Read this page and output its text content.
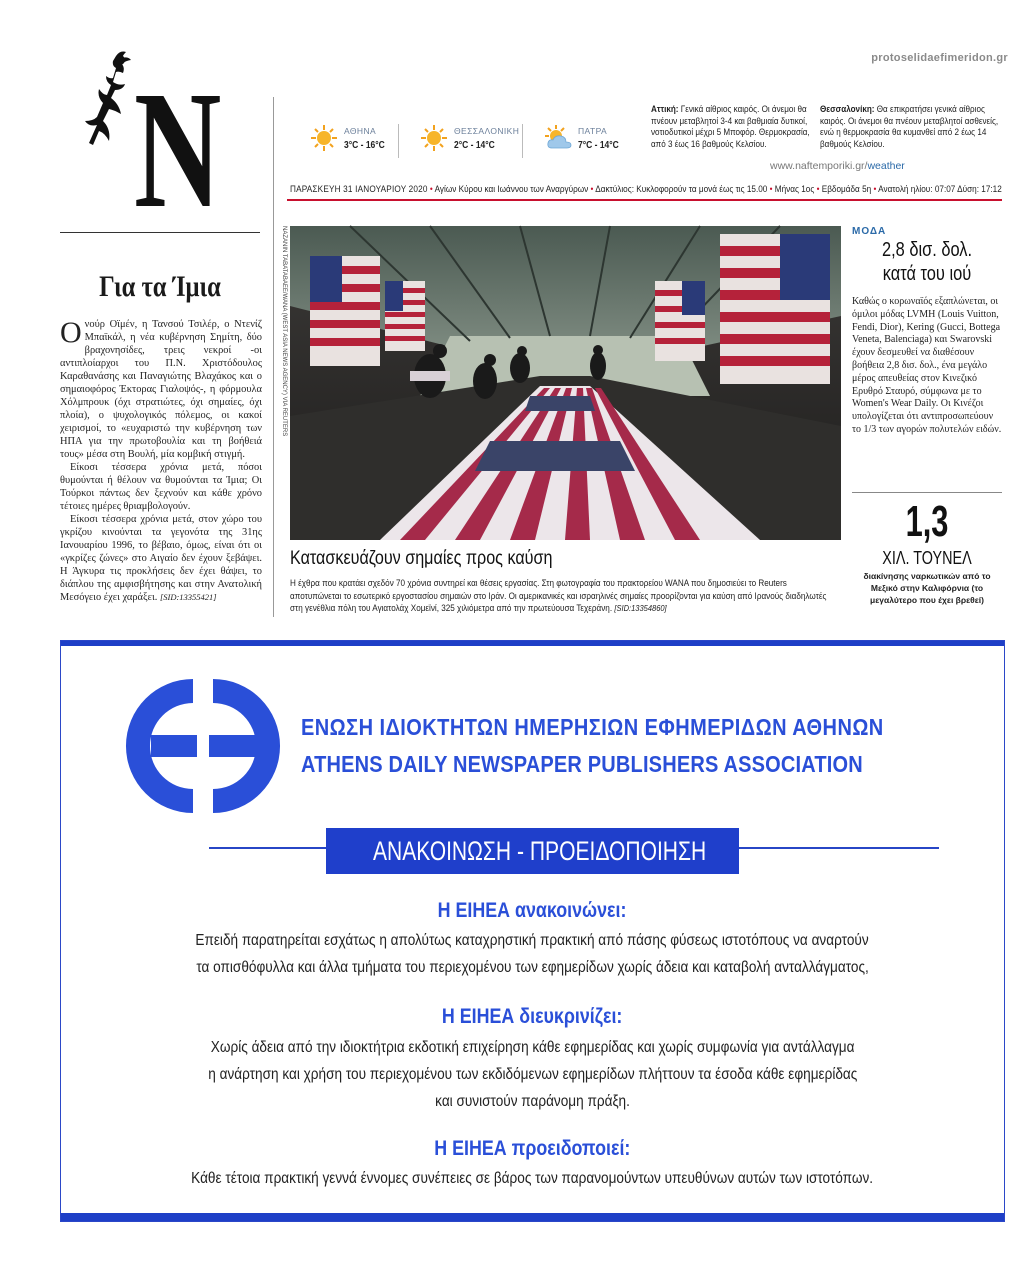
protoselidaefimeridon.gr
N
Για τα Ίμια

Ονούρ Οϊμέν, η Τανσού Τσιλέρ, ο Ντενίζ Μπαϊκάλ, η νέα κυβέρνηση Σημίτη, δύο βραχονησίδες, τρεις νεκροί -οι αντιπλοίαρχοι του Π.Ν. Χριστόδουλος Καραθανάσης και Παναγιώτης Βλαχάκος και ο σημαιοφόρος Έκτορας Γιαλοψός-, η φόρμουλα Χόλμπρουκ (όχι στρατιώτες, όχι σημαίες, όχι πλοία), ο ψυχολογικός πόλεμος, οι κακοί χειρισμοί, το «ευχαριστώ την κυβέρνηση των ΗΠΑ για την πρωτοβουλία και τη βοήθειά τους» μέσα στη Βουλή, μία κομβική στιγμή.

Είκοσι τέσσερα χρόνια μετά, πόσοι θυμούνται ή θέλουν να θυμούνται τα Ίμια; Οι Τούρκοι πάντως δεν ξεχνούν και κάθε χρόνο τέτοιες ημέρες θριαμβολογούν.

Είκοσι τέσσερα χρόνια μετά, στον χώρο του γκρίζου κινούνται τα γεγονότα της 31ης Ιανουαρίου 1996, το βέβαιο, όμως, είναι ότι οι «γκρίζες ζώνες» στο Αιγαίο δεν έχουν ξεβάψει. Η Άγκυρα τις προκλήσεις δεν έχει θάψει, το διάπλου της αμφισβήτησης και στην Ανατολική Μεσόγειο έχει χαράξει. [SID:13355421]

ΑΘΗΝΑ
3°C - 16°C
ΘΕΣΣΑΛΟΝΙΚΗ
2°C - 14°C
ΠΑΤΡΑ
7°C - 14°C
Αττική: Γενικά αίθριος καιρός. Οι άνεμοι θα πνέουν μεταβλητοί 3-4 και βαθμιαία δυτικοί, νοτιοδυτικοί μέχρι 5 Μποφόρ. Θερμοκρασία, από 3 έως 16 βαθμούς Κελσίου.
Θεσσαλονίκη: Θα επικρατήσει γενικά αίθριος καιρός. Οι άνεμοι θα πνέουν μεταβλητοί ασθενείς, ενώ η θερμοκρασία θα κυμανθεί από 2 έως 14 βαθμούς Κελσίου.
www.naftemporiki.gr/weather
ΠΑΡΑΣΚΕΥΗ 31 ΙΑΝΟΥΑΡΙΟΥ 2020 • Αγίων Κύρου και Ιωάννου των Αναργύρων • Δακτύλιος: Κυκλοφορούν τα μονά έως τις 15.00 • Μήνας 1ος • Εβδομάδα 5η • Ανατολή ηλίου: 07:07 Δύση: 17:12
NAZANIN TABATABAEE/WANA (WEST ASIA NEWS AGENCY) VIA REUTERS
Κατασκευάζουν σημαίες προς καύση
Η έχθρα που κρατάει σχεδόν 70 χρόνια συντηρεί και θέσεις εργασίας. Στη φωτογραφία του πρακτορείου WANA που δημοσιεύει το Reuters αποτυπώνεται το εσωτερικό εργοστασίου σημαιών στο Ιράν. Οι αμερικανικές και ισραηλινές σημαίες προορίζονται για καύση από Ιρανούς διαδηλωτές στη γενέθλια πόλη του Αγιατολάχ Χομεϊνί, 325 χιλιόμετρα από την πρωτεύουσα Τεχεράνη. [SID:13354860]
ΜΟΔΑ
2,8 δισ. δολ.
κατά του ιού
Καθώς ο κορωναϊός εξαπλώνεται, οι όμιλοι μόδας LVMH (Louis Vuitton, Fendi, Dior), Kering (Gucci, Bottega Veneta, Balenciaga) και Swarovski έχουν δεσμευθεί να διαθέσουν βοήθεια 2,8 δισ. δολ., ένα μεγάλο μέρος απευθείας στον Κινεζικό Ερυθρό Σταυρό, σύμφωνα με το Women's Wear Daily. Οι Κινέζοι υπολογίζεται ότι αντιπροσωπεύουν το 1/3 των αγορών πολυτελών ειδών.
1,3
ΧΙΛ. ΤΟΥΝΕΛ
διακίνησης ναρκωτικών από το Μεξικό στην Καλιφόρνια (το μεγαλύτερο που έχει βρεθεί)
ΕΝΩΣΗ ΙΔΙΟΚΤΗΤΩΝ ΗΜΕΡΗΣΙΩΝ ΕΦΗΜΕΡΙΔΩΝ ΑΘΗΝΩΝ
ATHENS DAILY NEWSPAPER PUBLISHERS ASSOCIATION
ΑΝΑΚΟΙΝΩΣΗ - ΠΡΟΕΙΔΟΠΟΙΗΣΗ
Η ΕΙΗΕΑ ανακοινώνει:
Επειδή παρατηρείται εσχάτως η απολύτως καταχρηστική πρακτική από πάσης φύσεως ιστοτόπους να αναρτούν
τα οπισθόφυλλα και άλλα τμήματα του περιεχομένου των εφημερίδων χωρίς άδεια και καταβολή ανταλλάγματος,
Η ΕΙΗΕΑ διευκρινίζει:
Χωρίς άδεια από την ιδιοκτήτρια εκδοτική επιχείρηση κάθε εφημερίδας και χωρίς συμφωνία για αντάλλαγμα
η ανάρτηση και χρήση του περιεχομένου των εκδιδόμενων εφημερίδων πλήττουν τα έσοδα κάθε εφημερίδας
και συνιστούν παράνομη πράξη.
Η ΕΙΗΕΑ προειδοποιεί:
Κάθε τέτοια πρακτική γεννά έννομες συνέπειες σε βάρος των παρανομούντων υπευθύνων αυτών των ιστοτόπων.
